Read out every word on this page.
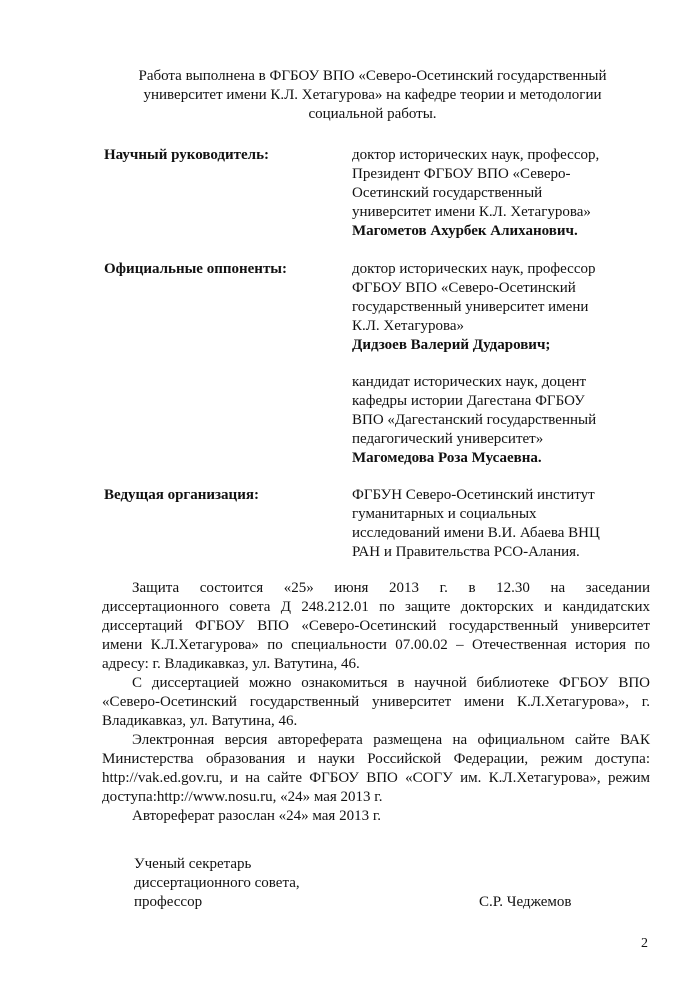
Работа выполнена в ФГБОУ ВПО «Северо-Осетинский государственный
университет имени К.Л. Хетагурова» на кафедре теории и методологии
социальной работы.
Научный руководитель:	доктор исторических наук, профессор,
Президент ФГБОУ ВПО «Северо-
Осетинский государственный
университет имени К.Л. Хетагурова»
Магометов Ахурбек Алиханович.
Официальные оппоненты:	доктор исторических наук, профессор
ФГБОУ ВПО «Северо-Осетинский
государственный университет имени
К.Л. Хетагурова»
Дидзоев Валерий Дударович;
кандидат исторических наук, доцент
кафедры истории Дагестана ФГБОУ
ВПО «Дагестанский государственный
педагогический университет»
Магомедова Роза Мусаевна.
Ведущая организация:	ФГБУН Северо-Осетинский институт
гуманитарных и социальных
исследований имени В.И. Абаева ВНЦ
РАН и Правительства РСО-Алания.
Защита состоится «25» июня 2013 г. в 12.30 на заседании
диссертационного совета Д 248.212.01 по защите докторских и кандидатских
диссертаций ФГБОУ ВПО «Северо-Осетинский государственный университет
имени К.Л.Хетагурова» по специальности 07.00.02 – Отечественная история по
адресу: г. Владикавказ, ул. Ватутина, 46.
С диссертацией можно ознакомиться в научной библиотеке ФГБОУ ВПО
«Северо-Осетинский государственный университет имени К.Л.Хетагурова», г.
Владикавказ, ул. Ватутина, 46.
Электронная версия автореферата размещена на официальном сайте ВАК
Министерства образования и науки Российской Федерации, режим доступа:
http://vak.ed.gov.ru, и на сайте ФГБОУ ВПО «СОГУ им. К.Л.Хетагурова», режим
доступа:http://www.nosu.ru, «24» мая 2013 г.
Автореферат разослан «24» мая 2013 г.
Ученый секретарь
диссертационного совета,
профессор	С.Р. Чеджемов
2
